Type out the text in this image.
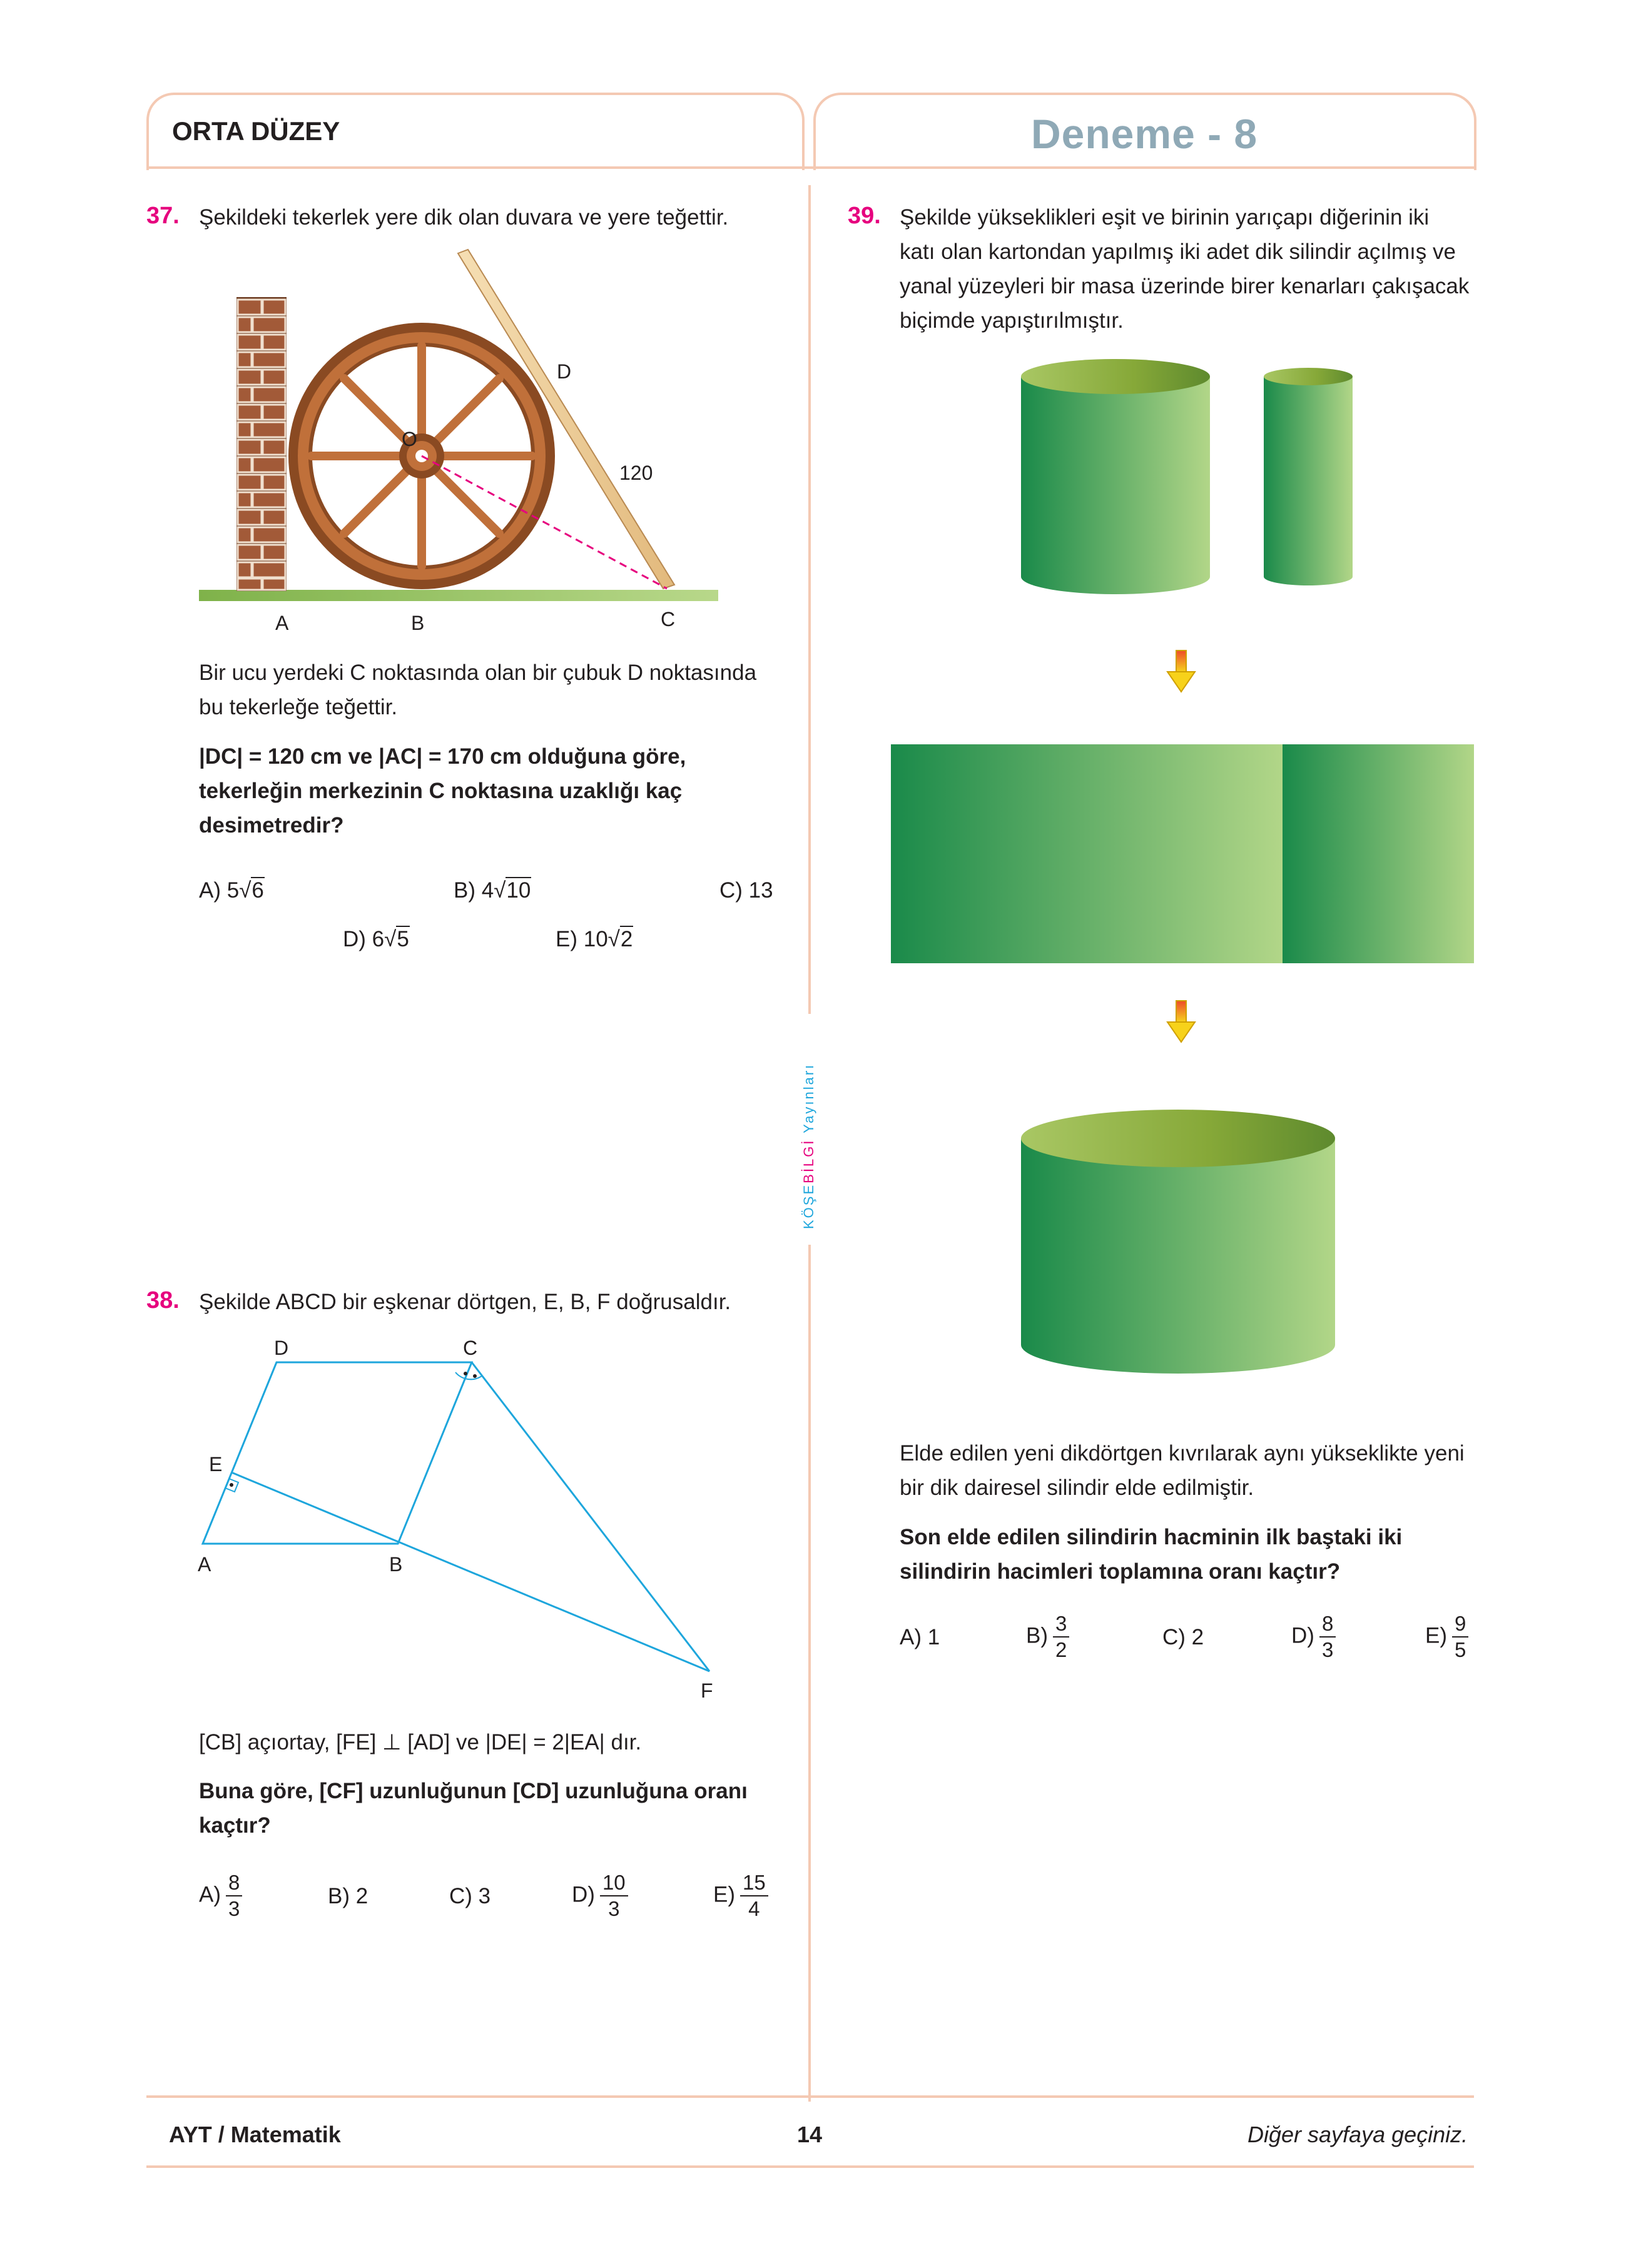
ORTA DÜZEY	Deneme - 8
KÖŞEBİLGİ Yayınları
37. Şekildeki tekerlek yere dik olan duvara ve yere teğettir.
D
O
120
A	B	C
Bir ucu yerdeki C noktasında olan bir çubuk D noktasında
bu tekerleğe teğettir.
|DC| = 120 cm ve |AC| = 170 cm olduğuna göre,
tekerleğin merkezinin C noktasına uzaklığı kaç
desimetredir?
A) 5√6	B) 4√10	C) 13
D) 6√5	E) 10√2
38. Şekilde ABCD bir eşkenar dörtgen, E, B, F doğrusaldır.
D	C
E
A	B
F
[CB] açıortay, [FE] ⊥ [AD] ve |DE| = 2|EA| dır.
Buna göre, [CF] uzunluğunun [CD] uzunluğuna oranı
kaçtır?
$A) \frac{8}{3}$	B) 2	C) 3	$D) \frac{10}{3}$	$E) \frac{15}{4}$
39. Şekilde yükseklikleri eşit ve birinin yarıçapı diğerinin iki
katı olan kartondan yapılmış iki adet dik silindir açılmış ve
yanal yüzeyleri bir masa üzerinde birer kenarları çakışacak
biçimde yapıştırılmıştır.
Elde edilen yeni dikdörtgen kıvrılarak aynı yükseklikte yeni
bir dik dairesel silindir elde edilmiştir.
Son elde edilen silindirin hacminin ilk baştaki iki
silindirin hacimleri toplamına oranı kaçtır?
A) 1	$B) \frac{3}{2}$	C) 2	$D) \frac{8}{3}$	$E) \frac{9}{5}$
AYT / Matematik	14	Diğer sayfaya geçiniz.
